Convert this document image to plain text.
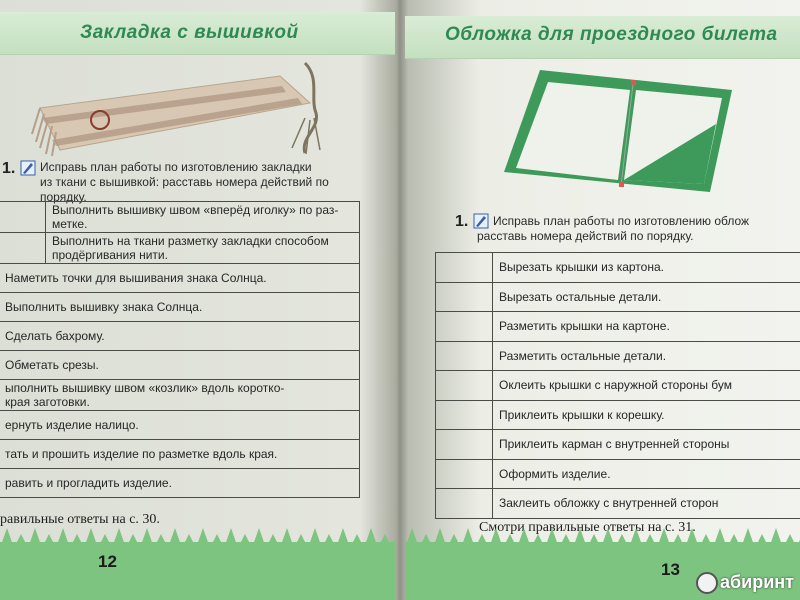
Закладка с вышивкой
1. Исправь план работы по изготовлению закладки
из ткани с вышивкой: расставь номера действий по
порядку.

	Выполнить вышивку швом «вперёд иголку» по раз-
метке.

	Выполнить на ткани разметку закладки способом
продёргивания нити.

Наметить точки для вышивания знака Солнца.	

Выполнить вышивку знака Солнца.	

Сделать бахрому.	

Обметать срезы.	

ыполнить вышивку швом «козлик» вдоль коротко-
края заготовки.	

ернуть изделие налицо.	

тать и прошить изделие по разметке вдоль края.	

равить и прогладить изделие.	
равильные ответы на с. 30.
12
Обложка для проездного билета
1. Исправь план работы по изготовлению облож
расставь номера действий по порядку.
	Вырезать крышки из картона.
	Вырезать остальные детали.
	Разметить крышки на картоне.
	Разметить остальные детали.
	Оклеить крышки с наружной стороны бум
	Приклеить крышки к корешку.
	Приклеить карман с внутренней стороны
	Оформить изделие.
	Заклеить обложку с внутренней сторон
Смотри правильные ответы на с. 31.
13
абиринт
